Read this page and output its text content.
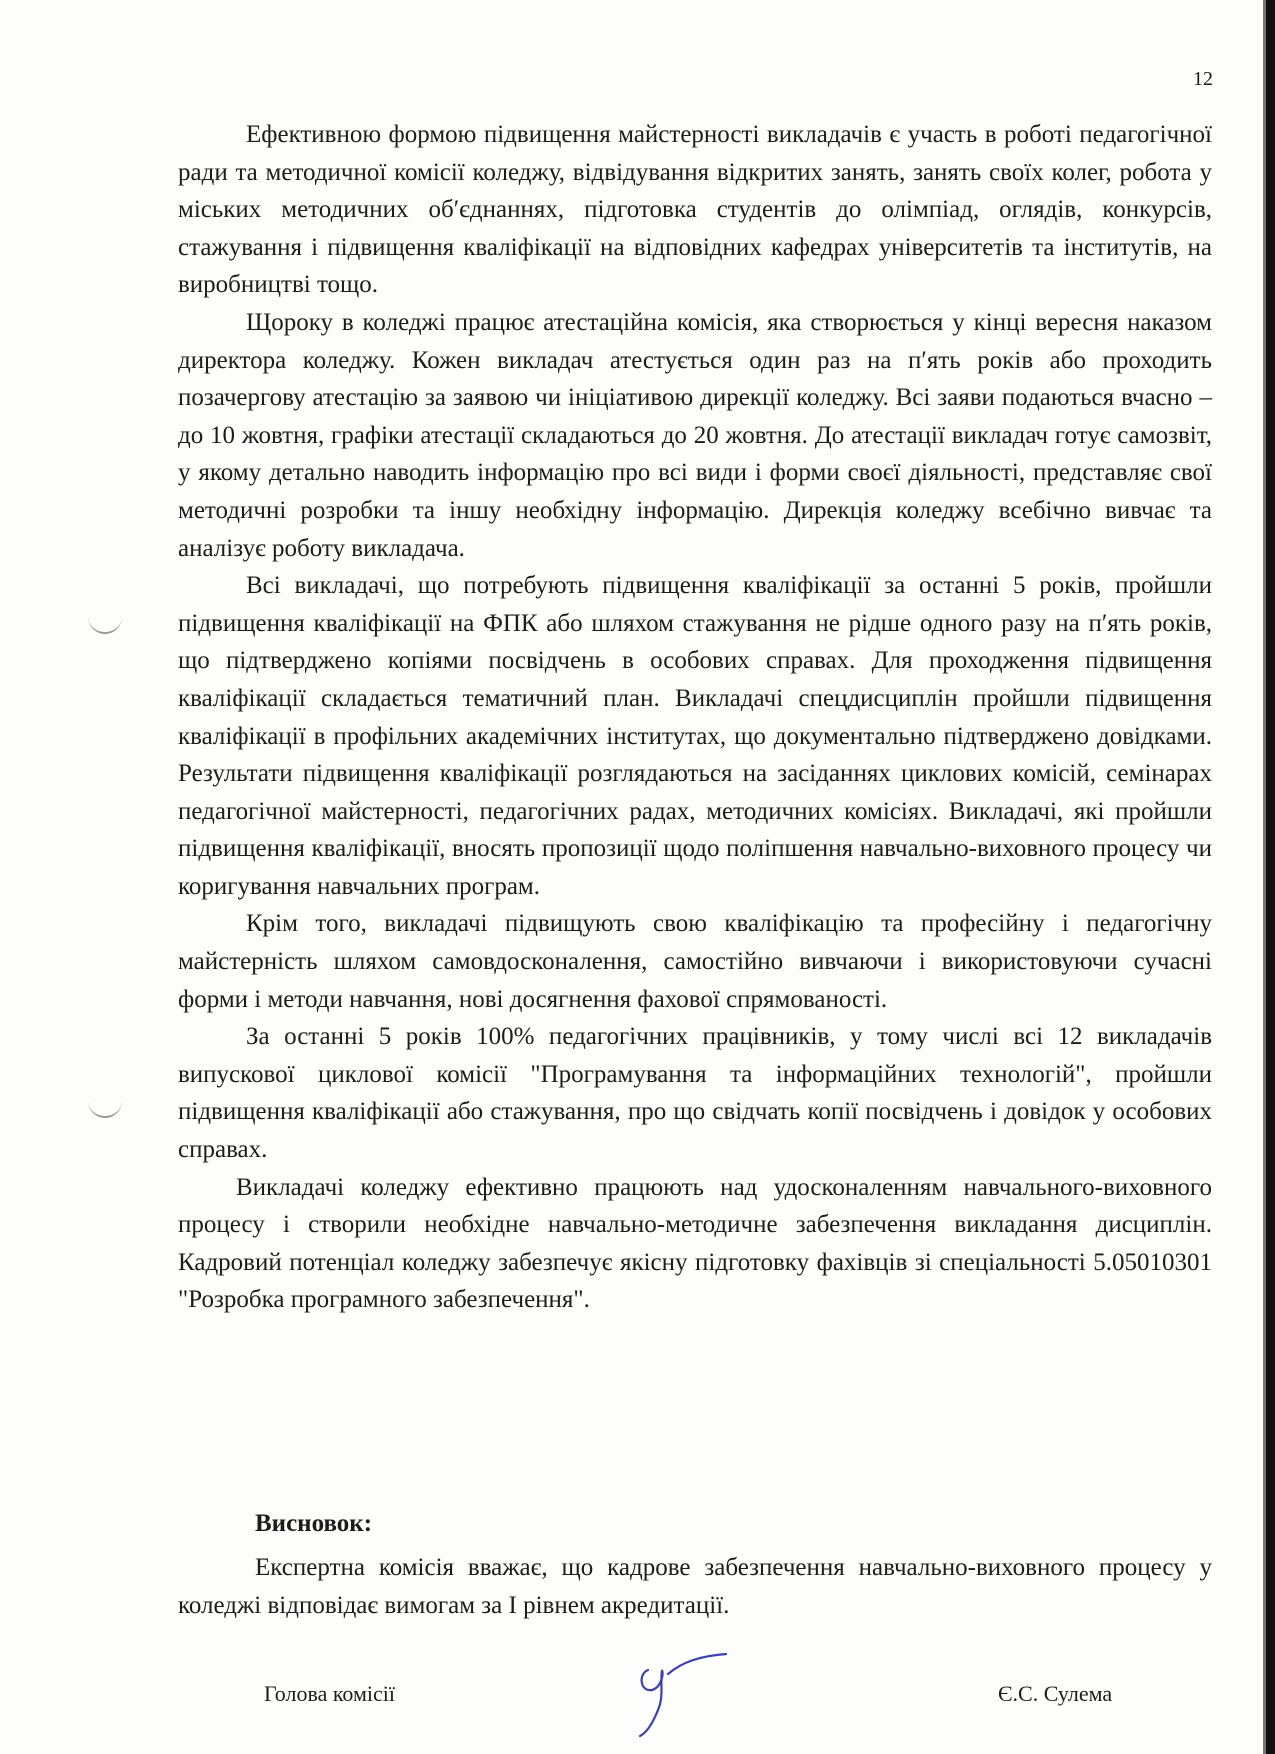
12

Ефективною формою підвищення майстерності викладачів є участь в роботі педагогічної ради та методичної комісії коледжу, відвідування відкритих занять, занять своїх колег, робота у міських методичних об′єднаннях, підготовка студентів до олімпіад, оглядів, конкурсів, стажування і підвищення кваліфікації на відповідних кафедрах університетів та інститутів, на виробництві тощо.

Щороку в коледжі працює атестаційна комісія, яка створюється у кінці вересня наказом директора коледжу. Кожен викладач атестується один раз на п′ять років або проходить позачергову атестацію за заявою чи ініціативою дирекції коледжу. Всі заяви подаються вчасно – до 10 жовтня, графіки атестації складаються до 20 жовтня. До атестації викладач готує самозвіт, у якому детально наводить інформацію про всі види і форми своєї діяльності, представляє свої методичні розробки та іншу необхідну інформацію. Дирекція коледжу всебічно вивчає та аналізує роботу викладача.

Всі викладачі, що потребують підвищення кваліфікації за останні 5 років, пройшли підвищення кваліфікації на ФПК або шляхом стажування не рідше одного разу на п′ять років, що підтверджено копіями посвідчень в особових справах. Для проходження підвищення кваліфікації складається тематичний план. Викладачі спецдисциплін пройшли підвищення кваліфікації в профільних академічних інститутах, що документально підтверджено довідками. Результати підвищення кваліфікації розглядаються на засіданнях циклових комісій, семінарах педагогічної майстерності, педагогічних радах, методичних комісіях. Викладачі, які пройшли підвищення кваліфікації, вносять пропозиції щодо поліпшення навчально-виховного процесу чи коригування навчальних програм.

Крім того, викладачі підвищують свою кваліфікацію та професійну і педагогічну майстерність шляхом самовдосконалення, самостійно вивчаючи і використовуючи сучасні форми і методи навчання, нові досягнення фахової спрямованості.

За останні 5 років 100% педагогічних працівників, у тому числі всі 12 викладачів випускової циклової комісії "Програмування та інформаційних технологій", пройшли підвищення кваліфікації або стажування, про що свідчать копії посвідчень і довідок у особових справах.

Викладачі коледжу ефективно працюють над удосконаленням навчального-виховного процесу і створили необхідне навчально-методичне забезпечення викладання дисциплін. Кадровий потенціал коледжу забезпечує якісну підготовку фахівців зі спеціальності 5.05010301 "Розробка програмного забезпечення".

Висновок:

Експертна комісія вважає, що кадрове забезпечення навчально-виховного процесу у коледжі відповідає вимогам за І рівнем акредитації.

Голова комісії	Є.С. Сулема
